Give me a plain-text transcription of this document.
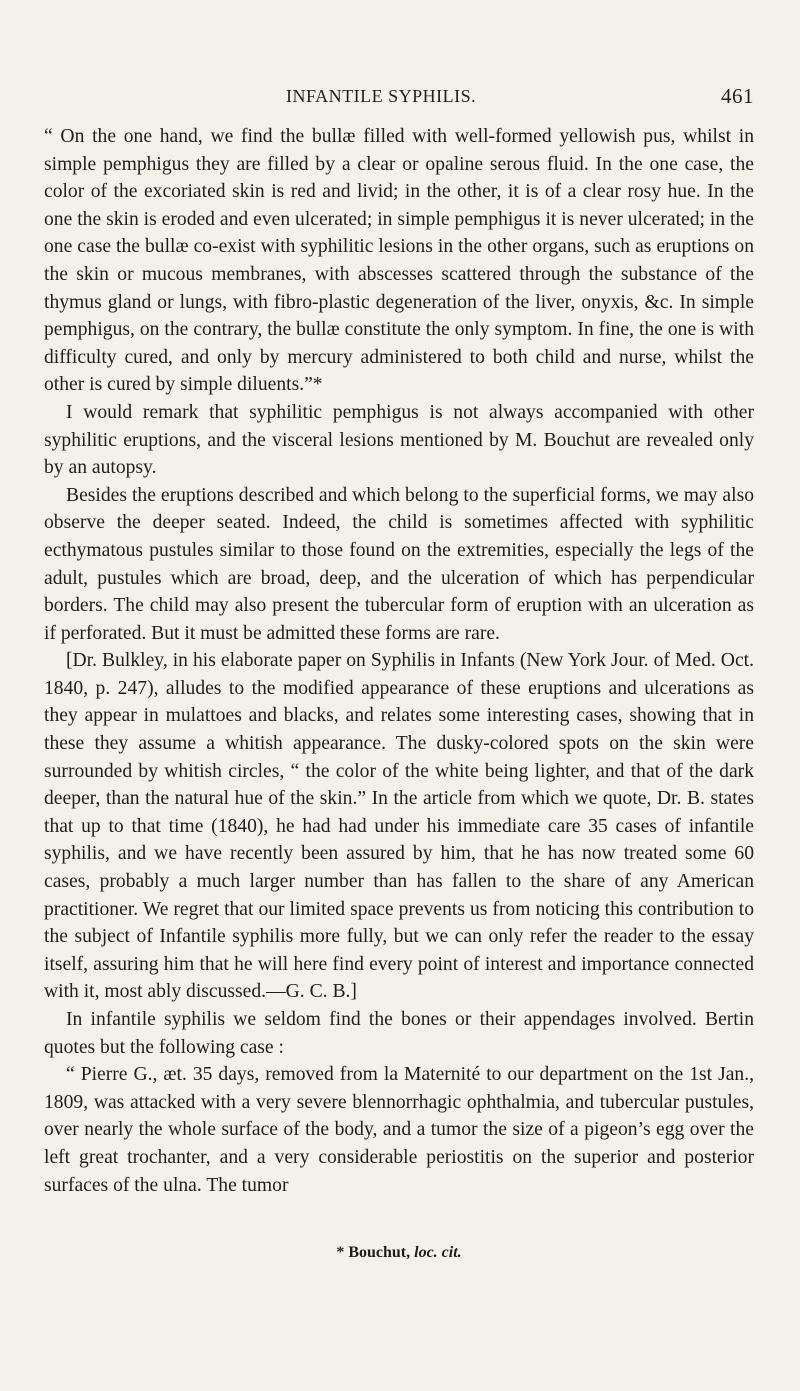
INFANTILE SYPHILIS.	461

“ On the one hand, we find the bullæ filled with well-formed yellowish pus, whilst in simple pemphigus they are filled by a clear or opaline serous fluid. In the one case, the color of the excoriated skin is red and livid; in the other, it is of a clear rosy hue. In the one the skin is eroded and even ulcerated; in simple pemphigus it is never ulcerated; in the one case the bullæ co-exist with syphilitic lesions in the other organs, such as eruptions on the skin or mucous membranes, with abscesses scattered through the substance of the thymus gland or lungs, with fibro-plastic degeneration of the liver, onyxis, &c. In simple pemphigus, on the contrary, the bullæ constitute the only symptom. In fine, the one is with difficulty cured, and only by mercury administered to both child and nurse, whilst the other is cured by simple diluents.”*

I would remark that syphilitic pemphigus is not always accompanied with other syphilitic eruptions, and the visceral lesions mentioned by M. Bouchut are revealed only by an autopsy.

Besides the eruptions described and which belong to the superficial forms, we may also observe the deeper seated. Indeed, the child is sometimes affected with syphilitic ecthymatous pustules similar to those found on the extremities, especially the legs of the adult, pustules which are broad, deep, and the ulceration of which has perpendicular borders. The child may also present the tubercular form of eruption with an ulceration as if perforated. But it must be admitted these forms are rare.

[Dr. Bulkley, in his elaborate paper on Syphilis in Infants (New York Jour. of Med. Oct. 1840, p. 247), alludes to the modified appearance of these eruptions and ulcerations as they appear in mulattoes and blacks, and relates some interesting cases, showing that in these they assume a whitish appearance. The dusky-colored spots on the skin were surrounded by whitish circles, “ the color of the white being lighter, and that of the dark deeper, than the natural hue of the skin.” In the article from which we quote, Dr. B. states that up to that time (1840), he had had under his immediate care 35 cases of infantile syphilis, and we have recently been assured by him, that he has now treated some 60 cases, probably a much larger number than has fallen to the share of any American practitioner. We regret that our limited space prevents us from noticing this contribution to the subject of Infantile syphilis more fully, but we can only refer the reader to the essay itself, assuring him that he will here find every point of interest and importance connected with it, most ably discussed.—G. C. B.]

In infantile syphilis we seldom find the bones or their appendages involved. Bertin quotes but the following case :

“ Pierre G., æt. 35 days, removed from la Maternité to our department on the 1st Jan., 1809, was attacked with a very severe blennorrhagic ophthalmia, and tubercular pustules, over nearly the whole surface of the body, and a tumor the size of a pigeon’s egg over the left great trochanter, and a very considerable periostitis on the superior and posterior surfaces of the ulna. The tumor

* Bouchut, loc. cit.
